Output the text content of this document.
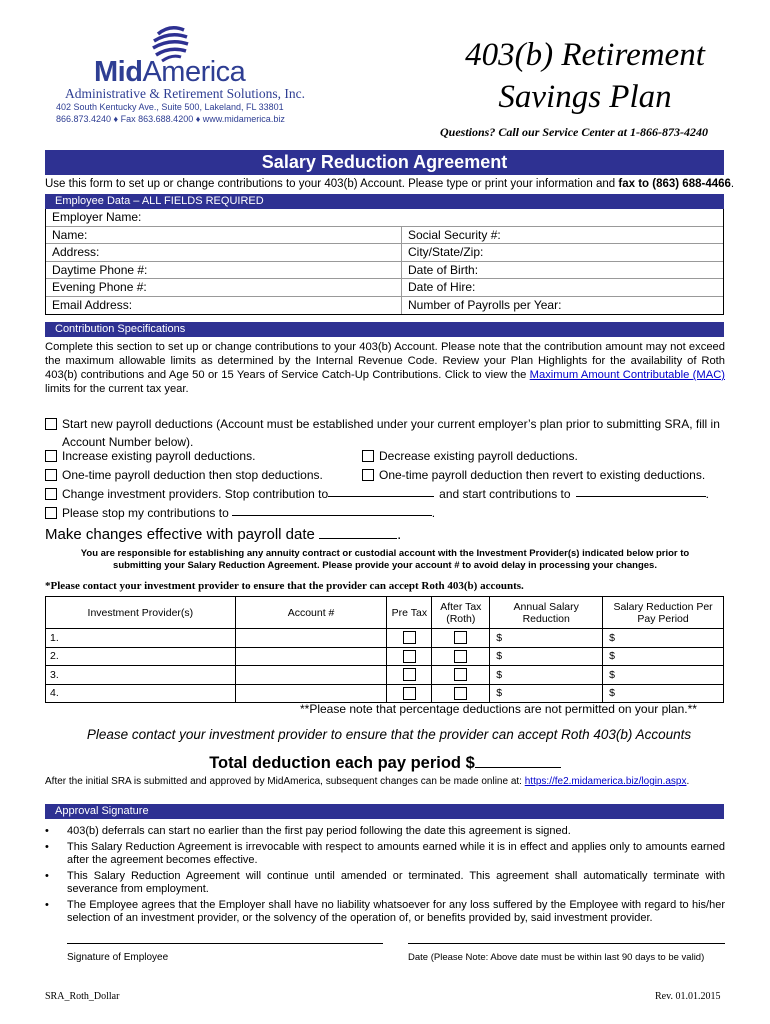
MidAmerica
Administrative & Retirement Solutions, Inc.
402 South Kentucky Ave., Suite 500, Lakeland, FL 33801
866.873.4240 ♦ Fax 863.688.4200 ♦ www.midamerica.biz
403(b) Retirement
Savings Plan
Questions? Call our Service Center at 1-866-873-4240
Salary Reduction Agreement
Use this form to set up or change contributions to your 403(b) Account. Please type or print your information and fax to (863) 688-4466.
Employee Data – ALL FIELDS REQUIRED
Employer Name:
Name:	Social Security #:
Address:	City/State/Zip:
Daytime Phone #:	Date of Birth:
Evening Phone #:	Date of Hire:
Email Address:	Number of Payrolls per Year:
Contribution Specifications
Complete this section to set up or change contributions to your 403(b) Account. Please note that the contribution amount may not exceed the maximum allowable limits as determined by the Internal Revenue Code. Review your Plan Highlights for the availability of Roth 403(b) contributions and Age 50 or 15 Years of Service Catch-Up Contributions. Click to view the Maximum Amount Contributable (MAC) limits for the current tax year.
Start new payroll deductions (Account must be established under your current employer’s plan prior to submitting SRA, fill in Account Number below).
Increase existing payroll deductions.	Decrease existing payroll deductions.
One-time payroll deduction then stop deductions.	One-time payroll deduction then revert to existing deductions.
Change investment providers. Stop contribution to	and start contributions to	.
Please stop my contributions to	.
Make changes effective with payroll date	.
You are responsible for establishing any annuity contract or custodial account with the Investment Provider(s) indicated below prior to
submitting your Salary Reduction Agreement. Please provide your account # to avoid delay in processing your changes.
*Please contact your investment provider to ensure that the provider can accept Roth 403(b) accounts.
Investment Provider(s)	Account #	Pre Tax	After Tax (Roth)	Annual Salary Reduction	Salary Reduction Per Pay Period
1.				$	$
2.				$	$
3.				$	$
4.				$	$
**Please note that percentage deductions are not permitted on your plan.**
Please contact your investment provider to ensure that the provider can accept Roth 403(b) Accounts
Total deduction each pay period $
After the initial SRA is submitted and approved by MidAmerica, subsequent changes can be made online at: https://fe2.midamerica.biz/login.aspx.
Approval Signature
• 403(b) deferrals can start no earlier than the first pay period following the date this agreement is signed.
• This Salary Reduction Agreement is irrevocable with respect to amounts earned while it is in effect and applies only to amounts earned after the agreement becomes effective.
• This Salary Reduction Agreement will continue until amended or terminated. This agreement shall automatically terminate with severance from employment.
• The Employee agrees that the Employer shall have no liability whatsoever for any loss suffered by the Employee with regard to his/her selection of an investment provider, or the solvency of the operation of, or benefits provided by, said investment provider.
Signature of Employee	Date (Please Note: Above date must be within last 90 days to be valid)
SRA_Roth_Dollar	Rev. 01.01.2015
